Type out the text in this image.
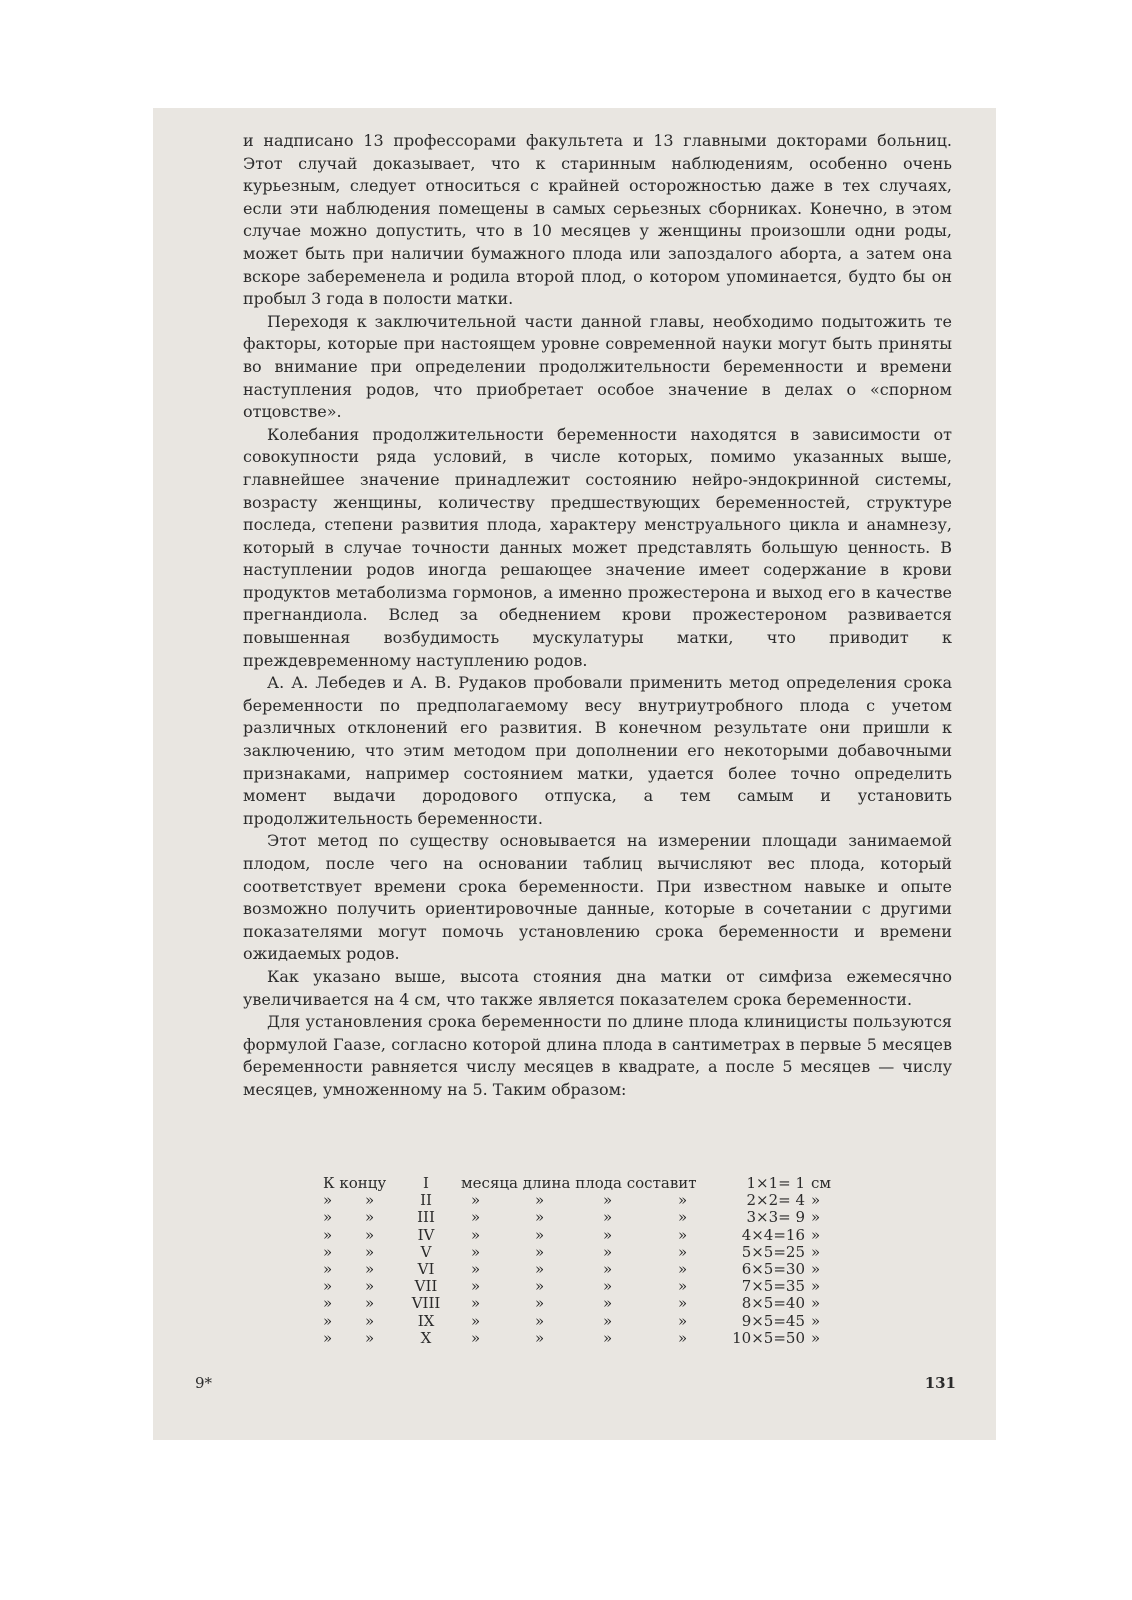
и надписано 13 профессорами факультета и 13 главными докторами больниц. Этот случай доказывает, что к старинным наблюдениям, особенно очень курьезным, следует относиться с крайней осторожностью даже в тех случаях, если эти наблюдения помещены в самых серьезных сборниках. Конечно, в этом случае можно допустить, что в 10 месяцев у женщины произошли одни роды, может быть при наличии бумажного плода или запоздалого аборта, а затем она вскоре забеременела и родила второй плод, о котором упоминается, будто бы он пробыл 3 года в полости матки.

Переходя к заключительной части данной главы, необходимо подытожить те факторы, которые при настоящем уровне современной науки могут быть приняты во внимание при определении продолжительности беременности и времени наступления родов, что приобретает особое значение в делах о «спорном отцовстве».

Колебания продолжительности беременности находятся в зависимости от совокупности ряда условий, в числе которых, помимо указанных выше, главнейшее значение принадлежит состоянию нейро-эндокринной системы, возрасту женщины, количеству предшествующих беременностей, структуре последа, степени развития плода, характеру менструального цикла и анамнезу, который в случае точности данных может представлять большую ценность. В наступлении родов иногда решающее значение имеет содержание в крови продуктов метаболизма гормонов, а именно прожестерона и выход его в качестве прегнандиола. Вслед за обеднением крови прожестероном развивается повышенная возбудимость мускулатуры матки, что приводит к преждевременному наступлению родов.

А. А. Лебедев и А. В. Рудаков пробовали применить метод определения срока беременности по предполагаемому весу внутриутробного плода с учетом различных отклонений его развития. В конечном результате они пришли к заключению, что этим методом при дополнении его некоторыми добавочными признаками, например состоянием матки, удается более точно определить момент выдачи дородового отпуска, а тем самым и установить продолжительность беременности.

Этот метод по существу основывается на измерении площади занимаемой плодом, после чего на основании таблиц вычисляют вес плода, который соответствует времени срока беременности. При известном навыке и опыте возможно получить ориентировочные данные, которые в сочетании с другими показателями могут помочь установлению срока беременности и времени ожидаемых родов.

Как указано выше, высота стояния дна матки от симфиза ежемесячно увеличивается на 4 см, что также является показателем срока беременности.

Для установления срока беременности по длине плода клиницисты пользуются формулой Гаазе, согласно которой длина плода в сантиметрах в первые 5 месяцев беременности равняется числу месяцев в квадрате, а после 5 месяцев — числу месяцев, умноженному на 5. Таким образом:

К концу	I	месяца длина плода составит	1×1= 1 см
» »	II	»	»	»	»	2×2= 4 »
» »	III	»	»	»	»	3×3= 9 »
» »	IV	»	»	»	»	4×4=16 »
» »	V	»	»	»	»	5×5=25 »
» »	VI	»	»	»	»	6×5=30 »
» »	VII »	»	»	»	7×5=35 »
» »	VIII »	»	»	»	8×5=40 »
» »	IX	»	»	»	»	9×5=45 »
» »	X	»	»	»	»	10×5=50 »
9*	131
